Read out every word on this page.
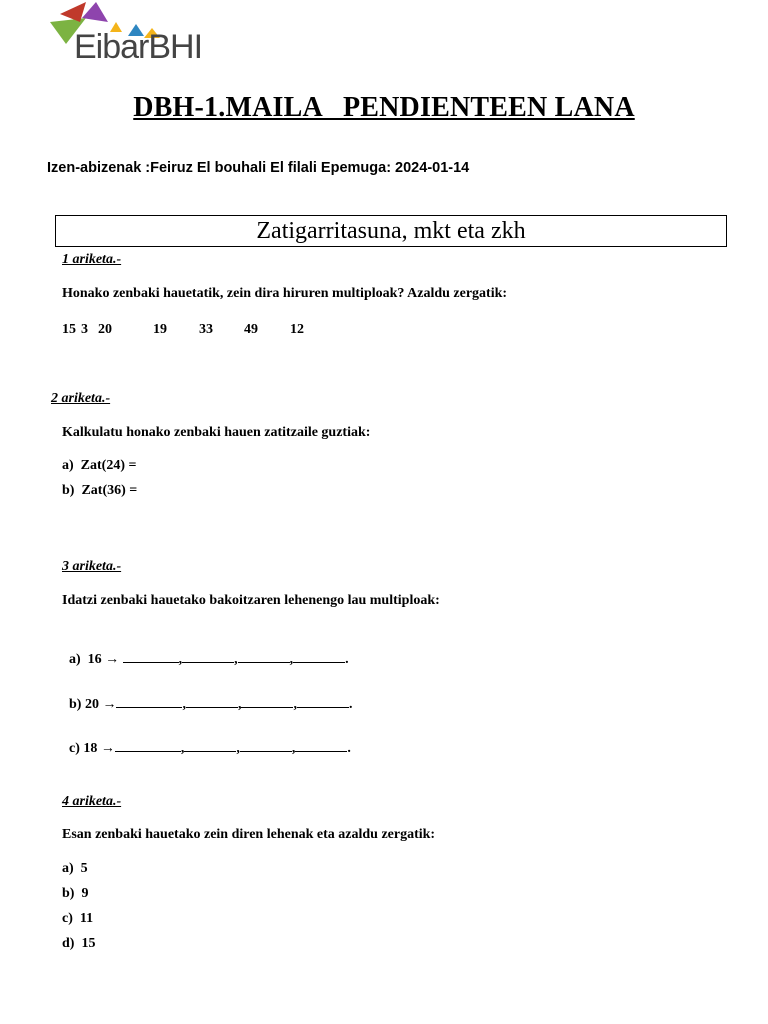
EibarBHI
DBH-1.MAILA   PENDIENTEEN LANA
Izen-abizenak :Feiruz El bouhali El filali Epemuga: 2024-01-14
Zatigarritasuna, mkt eta zkh
1 ariketa.-
Honako zenbaki hauetatik, zein dira hiruren multiploak? Azaldu zergatik:

15

3

20

	19

33

49

12

2 ariketa.-
Kalkulatu honako zenbaki hauen zatitzaile guztiak:
a)  Zat(24) =
b)  Zat(36) =
3 ariketa.-
Idatzi zenbaki hauetako bakoitzaren lehenengo lau multiploak:

a)  16 →	,	,	,	.

b) 20 →	,	,	,	.

c) 18 →	,	,	,	.

4 ariketa.-
Esan zenbaki hauetako zein diren lehenak eta azaldu zergatik:
a)  5
b)  9
c)  11
d)  15
